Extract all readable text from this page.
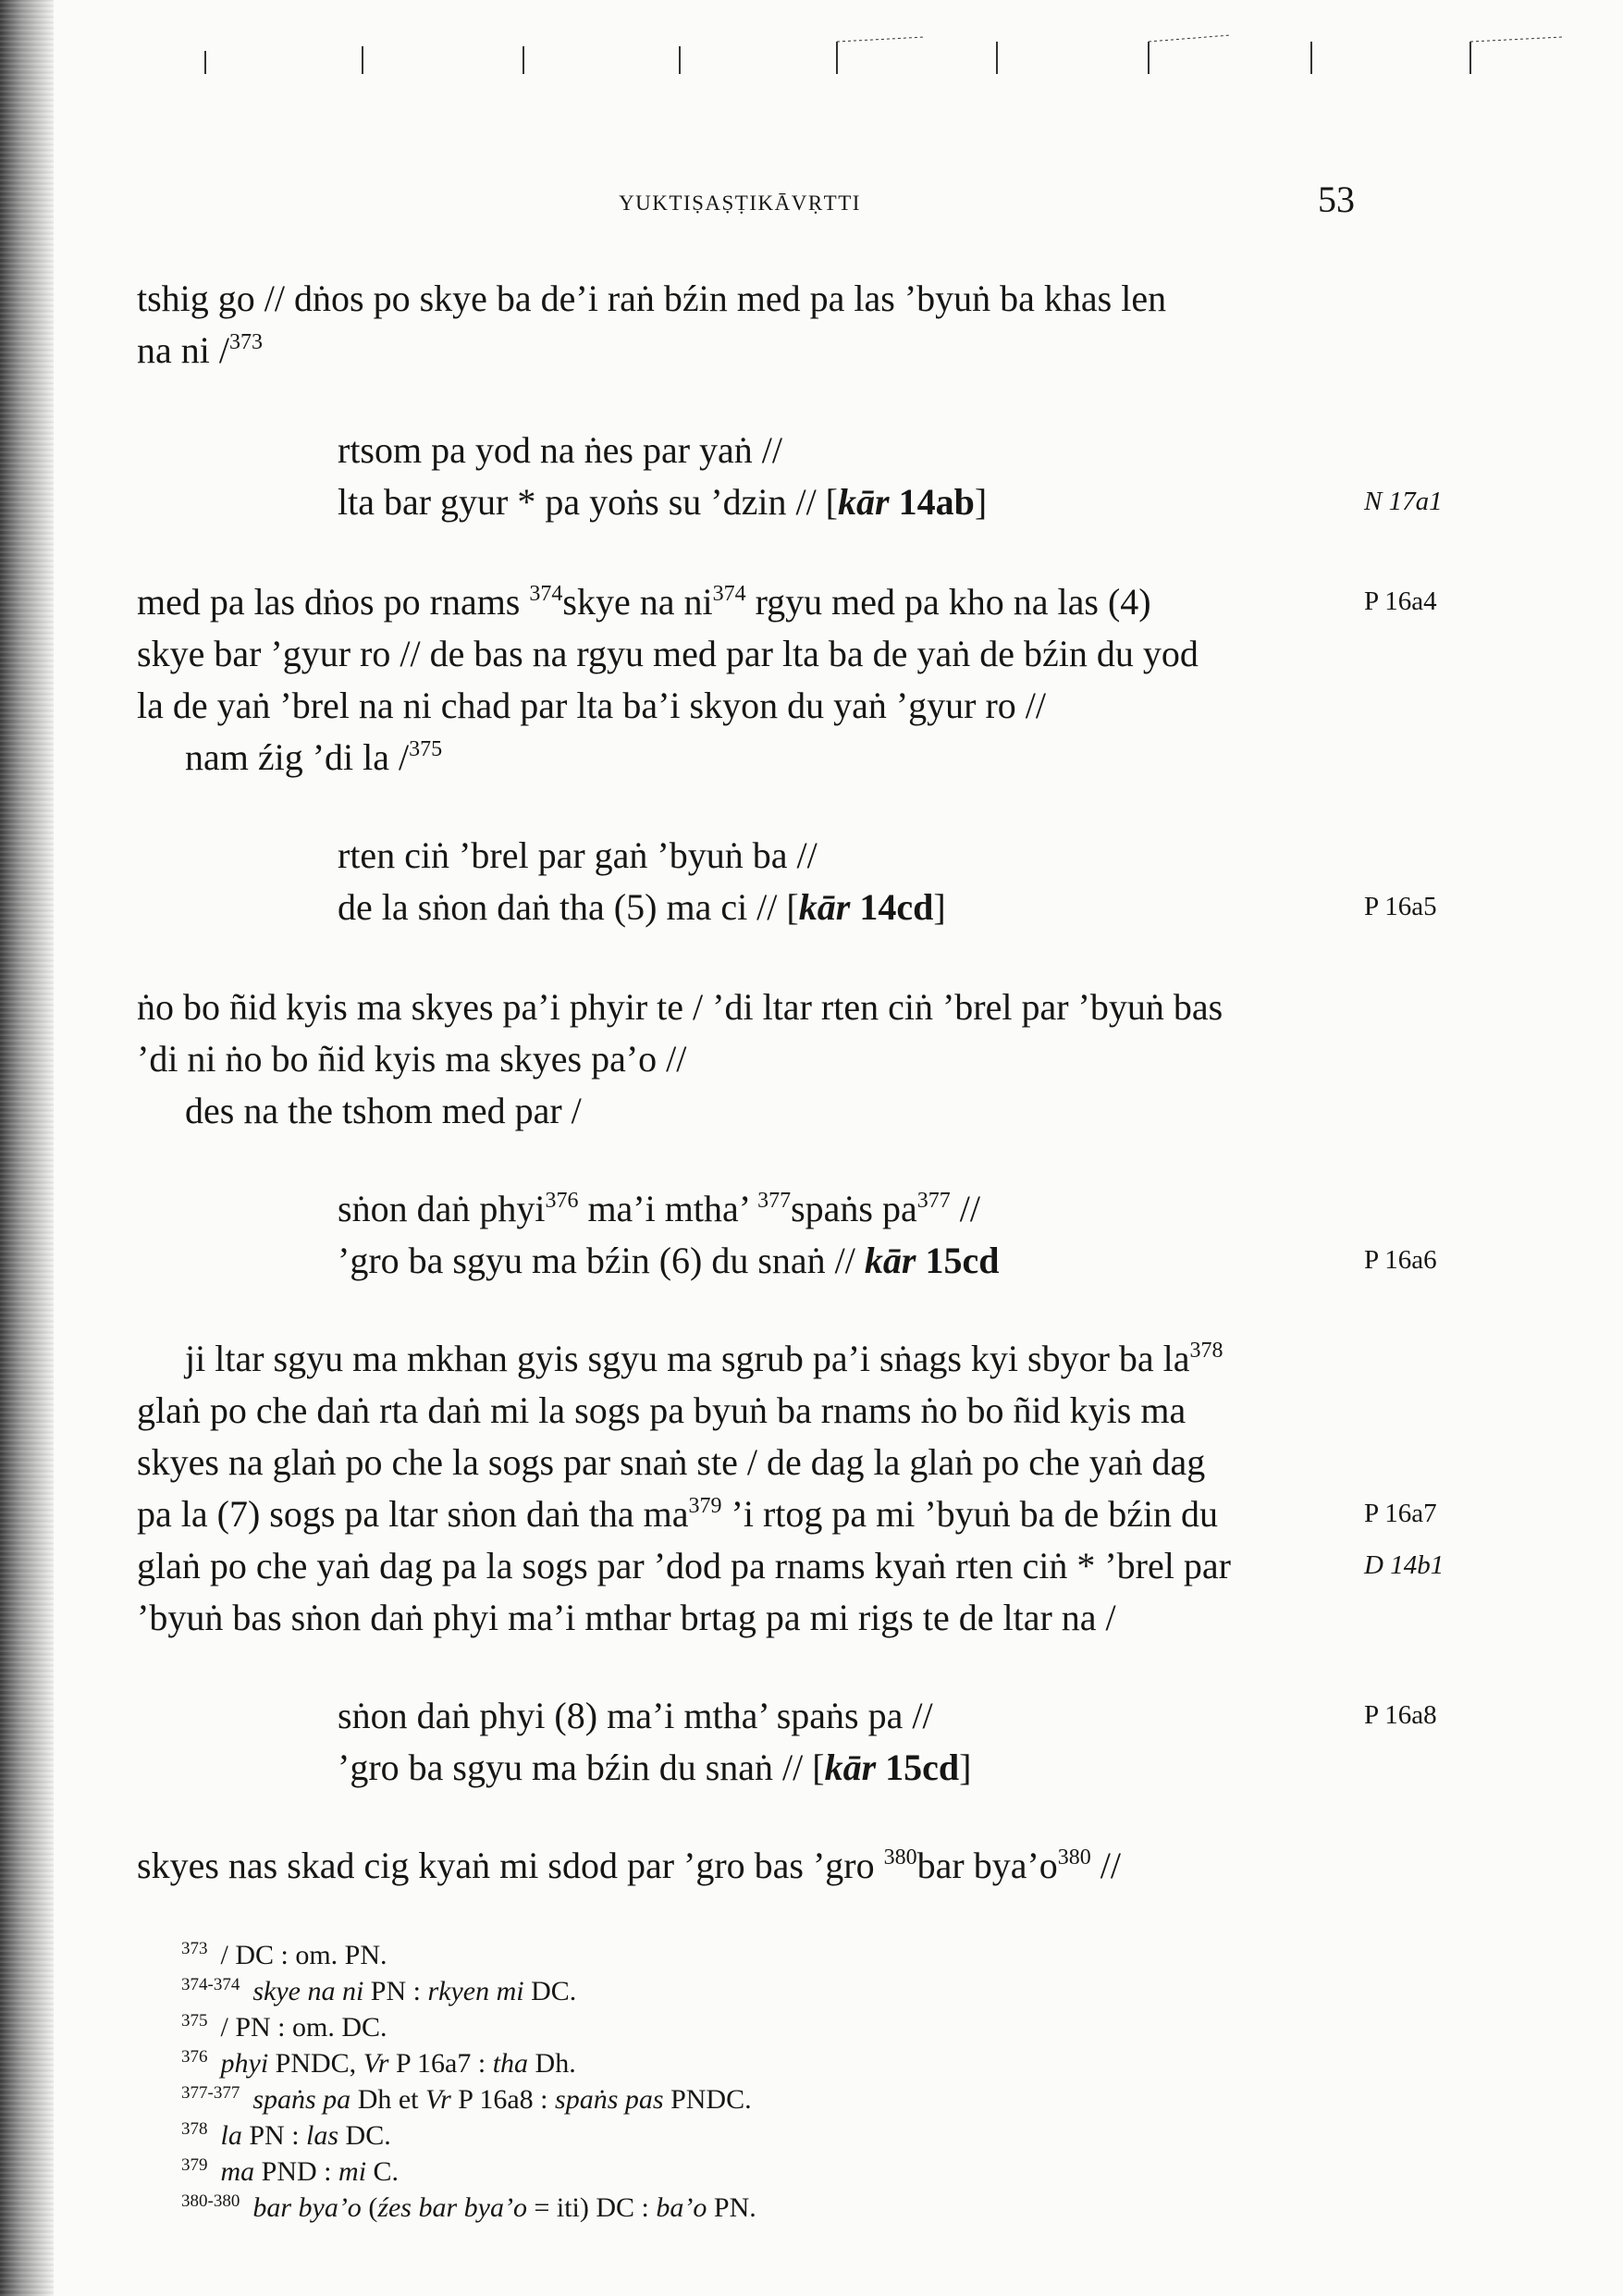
YUKTIṢAṢṬIKĀVṚTTI	53
tshig go // dṅos po skye ba de’i raṅ bźin med pa las ’byuṅ ba khas len
na ni /$^{373}$
rtsom pa yod na ṅes par yaṅ //
lta bar gyur * pa yoṅs su ’dzin // [kār 14ab]	N 17a1
med pa las dṅos po rnams $^{374}$skye na $ni^{374}$ rgyu med pa kho na las (4)	P 16a4
skye bar ’gyur ro // de bas na rgyu med par lta ba de yaṅ de bźin du yod
la de yaṅ ’brel na ni chad par lta ba’i skyon du yaṅ ’gyur ro //
nam źig ’di la /$^{375}$
rten ciṅ ’brel par gaṅ ’byuṅ ba //
de la sṅon daṅ tha (5) ma ci // [kār 14cd]	P 16a5
ṅo bo ñid kyis ma skyes pa’i phyir te / ’di ltar rten ciṅ ’brel par ’byuṅ bas
’di ni ṅo bo ñid kyis ma skyes pa’o //
des na the tshom med par /
sṅon daṅ phyi$^{376}$ ma’i mtha’ $^{377}$spaṅs $pa^{377}$ //
’gro ba sgyu ma bźin (6) du snaṅ // kār 15cd	P 16a6
ji ltar sgyu ma mkhan gyis sgyu ma sgrub pa’i sṅags kyi sbyor ba $la^{378}$
glaṅ po che daṅ rta daṅ mi la sogs pa byuṅ ba rnams ṅo bo ñid kyis ma
skyes na glaṅ po che la sogs par snaṅ ste / de dag la glaṅ po che yaṅ dag
pa la (7) sogs pa ltar sṅon daṅ tha $ma^{379}$ ’i rtog pa mi ’byuṅ ba de bźin du	P 16a7
glaṅ po che yaṅ dag pa la sogs par ’dod pa rnams kyaṅ rten ciṅ * ’brel par	D 14b1
’byuṅ bas sṅon daṅ phyi ma’i mthar brtag pa mi rigs te de ltar na /
sṅon daṅ phyi (8) ma’i mtha’ spaṅs pa //	P 16a8
’gro ba sgyu ma bźin du snaṅ // [kār 15cd]
skyes nas skad cig kyaṅ mi sdod par ’gro bas ’gro $^{380}$bar $bya’o^{380}$ //
$^{373}$ / DC : om. PN.
$^{374-374}$ skye na ni PN : rkyen mi DC.
$^{375}$ / PN : om. DC.
$^{376}$ phyi PNDC, Vr P 16a7 : tha Dh.
$^{377-377}$ spaṅs pa Dh et Vr P 16a8 : spaṅs pas PNDC.
$^{378}$ la PN : las DC.
$^{379}$ ma PND : mi C.
$^{380-380}$ bar bya’o (źes bar bya’o = iti) DC : ba’o PN.
